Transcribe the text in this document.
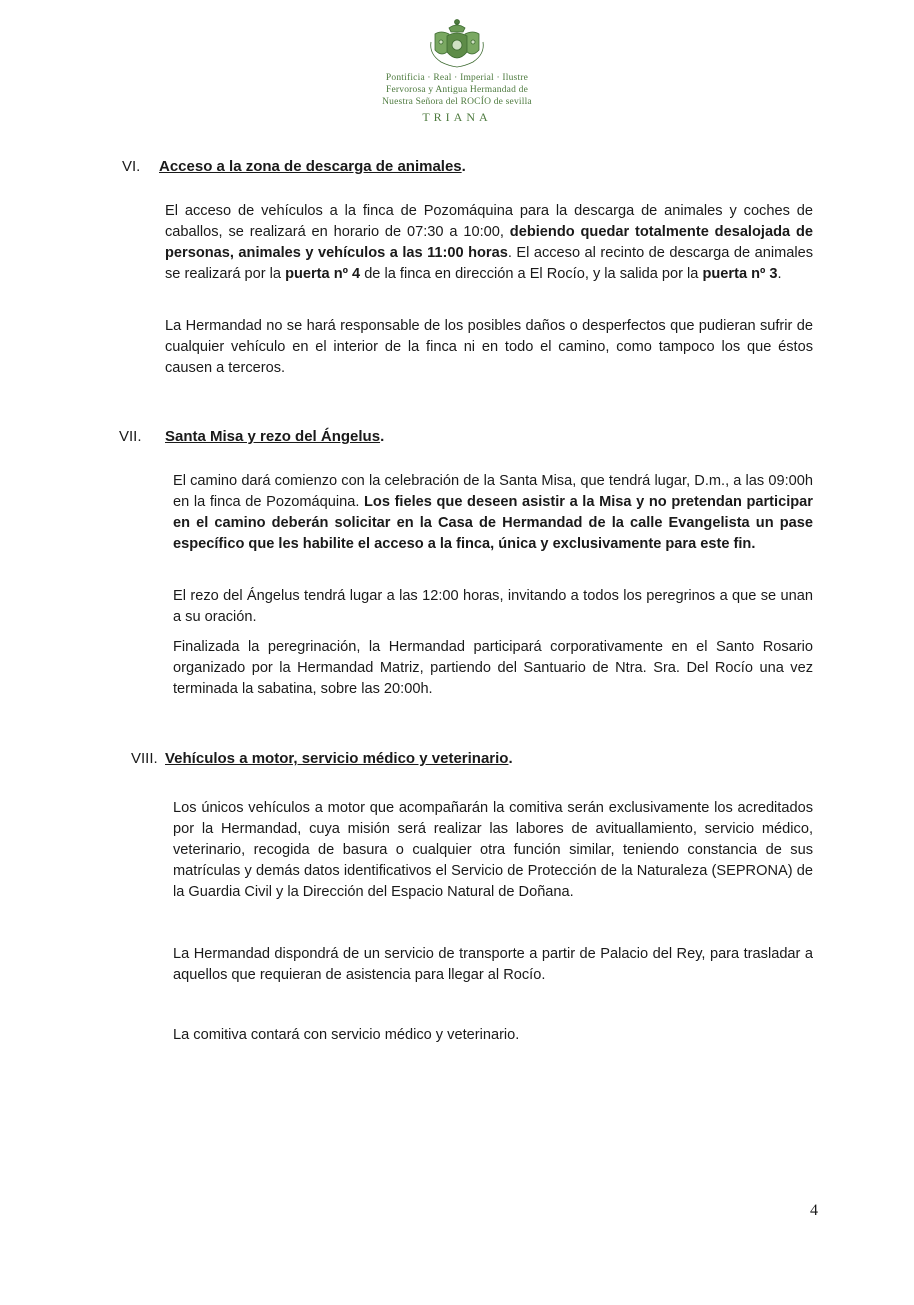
Pontificia · Real · Imperial · Ilustre
Fervorosa y Antigua Hermandad de
Nuestra Señora del ROCÍO de sevilla
TRIANA
VI. Acceso a la zona de descarga de animales.

El acceso de vehículos a la finca de Pozomáquina para la descarga de animales y coches de caballos, se realizará en horario de 07:30 a 10:00, debiendo quedar totalmente desalojada de personas, animales y vehículos a las 11:00 horas. El acceso al recinto de descarga de animales se realizará por la puerta nº 4 de la finca en dirección a El Rocío, y la salida por la puerta nº 3.

La Hermandad no se hará responsable de los posibles daños o desperfectos que pudieran sufrir de cualquier vehículo en el interior de la finca ni en todo el camino, como tampoco los que éstos causen a terceros.

VII. Santa Misa y rezo del Ángelus.

El camino dará comienzo con la celebración de la Santa Misa, que tendrá lugar, D.m., a las 09:00h en la finca de Pozomáquina. Los fieles que deseen asistir a la Misa y no pretendan participar en el camino deberán solicitar en la Casa de Hermandad de la calle Evangelista un pase específico que les habilite el acceso a la finca, única y exclusivamente para este fin.

El rezo del Ángelus tendrá lugar a las 12:00 horas, invitando a todos los peregrinos a que se unan a su oración.

Finalizada la peregrinación, la Hermandad participará corporativamente en el Santo Rosario organizado por la Hermandad Matriz, partiendo del Santuario de Ntra. Sra. Del Rocío una vez terminada la sabatina, sobre las 20:00h.

VIII. Vehículos a motor, servicio médico y veterinario.

Los únicos vehículos a motor que acompañarán la comitiva serán exclusivamente los acreditados por la Hermandad, cuya misión será realizar las labores de avituallamiento, servicio médico, veterinario, recogida de basura o cualquier otra función similar, teniendo constancia de sus matrículas y demás datos identificativos el Servicio de Protección de la Naturaleza (SEPRONA) de la Guardia Civil y la Dirección del Espacio Natural de Doñana.

La Hermandad dispondrá de un servicio de transporte a partir de Palacio del Rey, para trasladar a aquellos que requieran de asistencia para llegar al Rocío.

La comitiva contará con servicio médico y veterinario.

4
